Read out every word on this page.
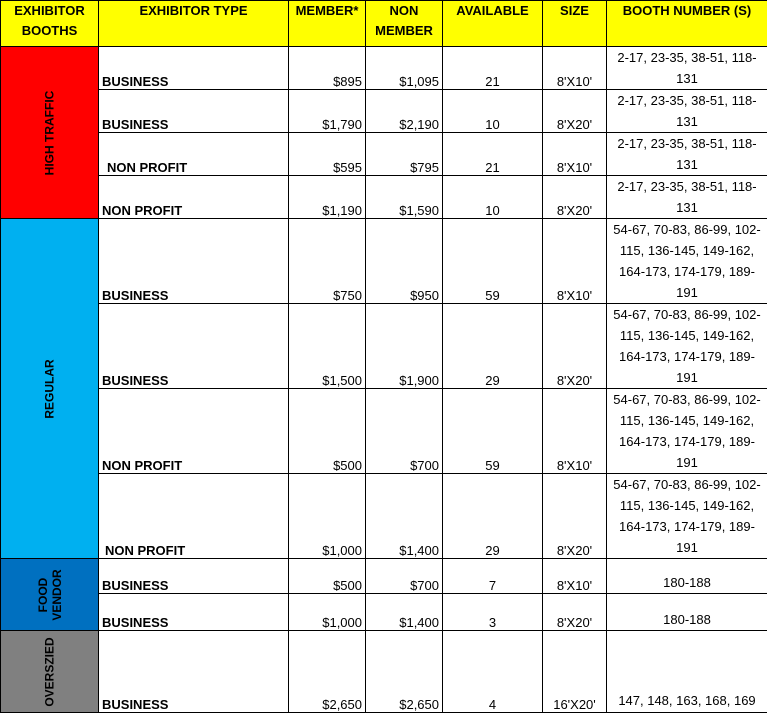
EXHIBITOR BOOTHS	EXHIBITOR TYPE	MEMBER*	NON MEMBER	AVAILABLE	SIZE	BOOTH NUMBER (S)
HIGH TRAFFIC	BUSINESS	$895	$1,095	21	8'X10'	2-17, 23-35, 38-51, 118-131
	BUSINESS	$1,790	$2,190	10	8'X20'	2-17, 23-35, 38-51, 118-131
	NON PROFIT	$595	$795	21	8'X10'	2-17, 23-35, 38-51, 118-131
	NON PROFIT	$1,190	$1,590	10	8'X20'	2-17, 23-35, 38-51, 118-131
REGULAR	BUSINESS	$750	$950	59	8'X10'	54-67, 70-83, 86-99, 102-115, 136-145, 149-162, 164-173, 174-179, 189-191
	BUSINESS	$1,500	$1,900	29	8'X20'	54-67, 70-83, 86-99, 102-115, 136-145, 149-162, 164-173, 174-179, 189-191
	NON PROFIT	$500	$700	59	8'X10'	54-67, 70-83, 86-99, 102-115, 136-145, 149-162, 164-173, 174-179, 189-191
	NON PROFIT	$1,000	$1,400	29	8'X20'	54-67, 70-83, 86-99, 102-115, 136-145, 149-162, 164-173, 174-179, 189-191
FOOD VENDOR	BUSINESS	$500	$700	7	8'X10'	180-188
	BUSINESS	$1,000	$1,400	3	8'X20'	180-188
OVERSZIED	BUSINESS	$2,650	$2,650	4	16'X20'	147, 148, 163, 168, 169
